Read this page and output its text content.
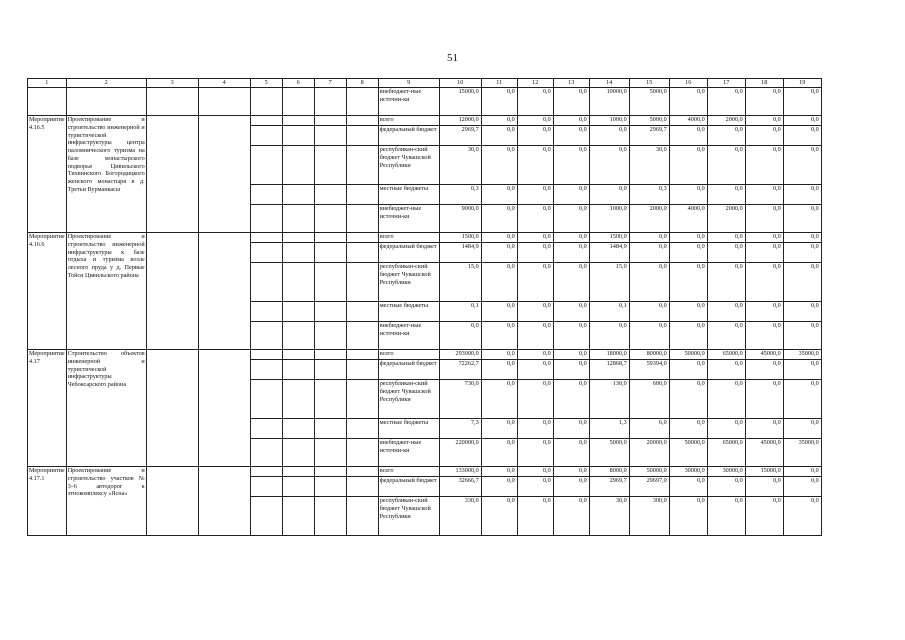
51
1	2	3	4	5	6	7	8	9	10	11	12	13	14	15	16	17	18	19
								внебюджет-ные источни-ки	15000,0	0,0	0,0	0,0	10000,0	5000,0	0,0	0,0	0,0	0,0
Мероприятие 4.16.5	Проектирование и строительство инженерной и туристической инфраструктуры центра паломнического туризма на базе монастырского подворья Цивильского Тихвинского Богородицкого женского монастыря в д. Третьи Вурманкасы							всего	12000,0	0,0	0,0	0,0	1000,0	5000,0	4000,0	2000,0	0,0	0,0
								федеральный бюджет	2969,7	0,0	0,0	0,0	0,0	2969,7	0,0	0,0	0,0	0,0
								республикан-ский бюджет Чувашской Республики	30,0	0,0	0,0	0,0	0,0	30,0	0,0	0,0	0,0	0,0
								местные бюджеты	0,3	0,0	0,0	0,0	0,0	0,3	0,0	0,0	0,0	0,0
								внебюджет-ные источни-ки	9000,0	0,0	0,0	0,0	1000,0	2000,0	4000,0	2000,0	0,0	0,0
Мероприятие 4.16.6	Проектирование и строительство инженерной инфраструктуры к базе отдыха и туризма возле лесного пруда у д. Первые Тойси Цивильского района							всего	1500,0	0,0	0,0	0,0	1500,0	0,0	0,0	0,0	0,0	0,0
								федеральный бюджет	1484,9	0,0	0,0	0,0	1484,9	0,0	0,0	0,0	0,0	0,0
								республикан-ский бюджет Чувашской Республики	15,0	0,0	0,0	0,0	15,0	0,0	0,0	0,0	0,0	0,0
								местные бюджеты	0,1	0,0	0,0	0,0	0,1	0,0	0,0	0,0	0,0	0,0
								внебюджет-ные источни-ки	0,0	0,0	0,0	0,0	0,0	0,0	0,0	0,0	0,0	0,0
Мероприятие 4.17	Строительство объектов инженерной и туристической инфраструктуры Чебоксарского района							всего	293000,0	0,0	0,0	0,0	18000,0	80000,0	50000,0	65000,0	45000,0	35000,0
								федеральный бюджет	72262,7	0,0	0,0	0,0	12868,7	59394,0	0,0	0,0	0,0	0,0
								республикан-ский бюджет Чувашской Республики	730,0	0,0	0,0	0,0	130,0	600,0	0,0	0,0	0,0	0,0
								местные бюджеты	7,3	0,0	0,0	0,0	1,3	6,0	0,0	0,0	0,0	0,0
								внебюджет-ные источни-ки	220000,0	0,0	0,0	0,0	5000,0	20000,0	50000,0	65000,0	45000,0	35000,0
Мероприятие 4.17.1	Проектирование и строительство участков № 3–6 автодорог к этнокомплексу «Ясна»							всего	133000,0	0,0	0,0	0,0	8000,0	50000,0	30000,0	30000,0	15000,0	0,0
								федеральный бюджет	32666,7	0,0	0,0	0,0	2969,7	29697,0	0,0	0,0	0,0	0,0
								республикан-ский бюджет Чувашской Республики	330,0	0,0	0,0	0,0	30,0	300,0	0,0	0,0	0,0	0,0
